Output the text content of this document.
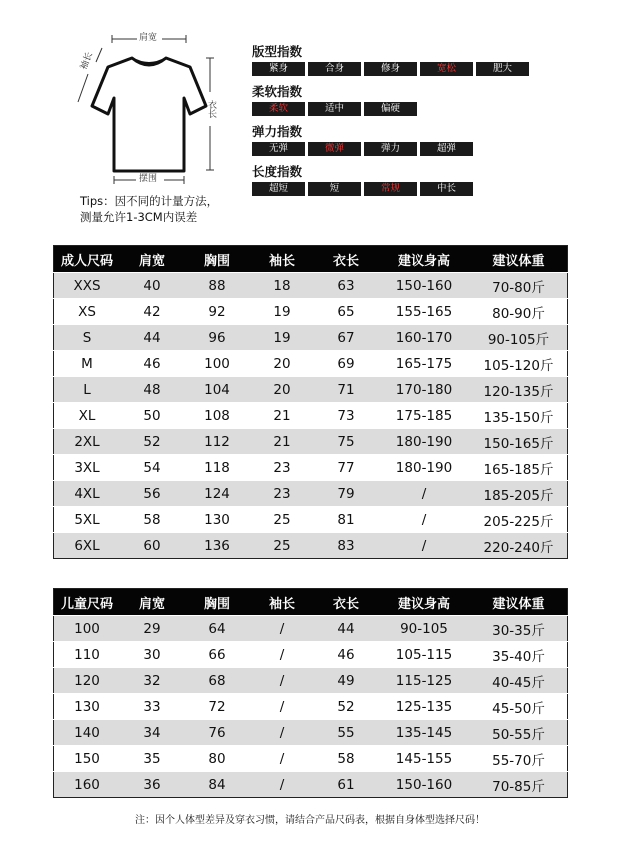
肩宽
摆围
衣长
袖长
Tips：因不同的计量方法，
测量允许1-3CM内误差
版型指数
紧身	合身	修身	宽松	肥大
柔软指数
柔软	适中	偏硬
弹力指数
无弹	微弹	弹力	超弹
长度指数
超短	短	常规	中长
成人尺码	肩宽	胸围	袖长	衣长	建议身高	建议体重
XXS	40	88	18	63	150-160	70-80斤
XS	42	92	19	65	155-165	80-90斤
S	44	96	19	67	160-170	90-105斤
M	46	100	20	69	165-175	105-120斤
L	48	104	20	71	170-180	120-135斤
XL	50	108	21	73	175-185	135-150斤
2XL	52	112	21	75	180-190	150-165斤
3XL	54	118	23	77	180-190	165-185斤
4XL	56	124	23	79	/	185-205斤
5XL	58	130	25	81	/	205-225斤
6XL	60	136	25	83	/	220-240斤
儿童尺码	肩宽	胸围	袖长	衣长	建议身高	建议体重
100	29	64	/	44	90-105	30-35斤
110	30	66	/	46	105-115	35-40斤
120	32	68	/	49	115-125	40-45斤
130	33	72	/	52	125-135	45-50斤
140	34	76	/	55	135-145	50-55斤
150	35	80	/	58	145-155	55-70斤
160	36	84	/	61	150-160	70-85斤
注：因个人体型差异及穿衣习惯，请结合产品尺码表，根据自身体型选择尺码！
